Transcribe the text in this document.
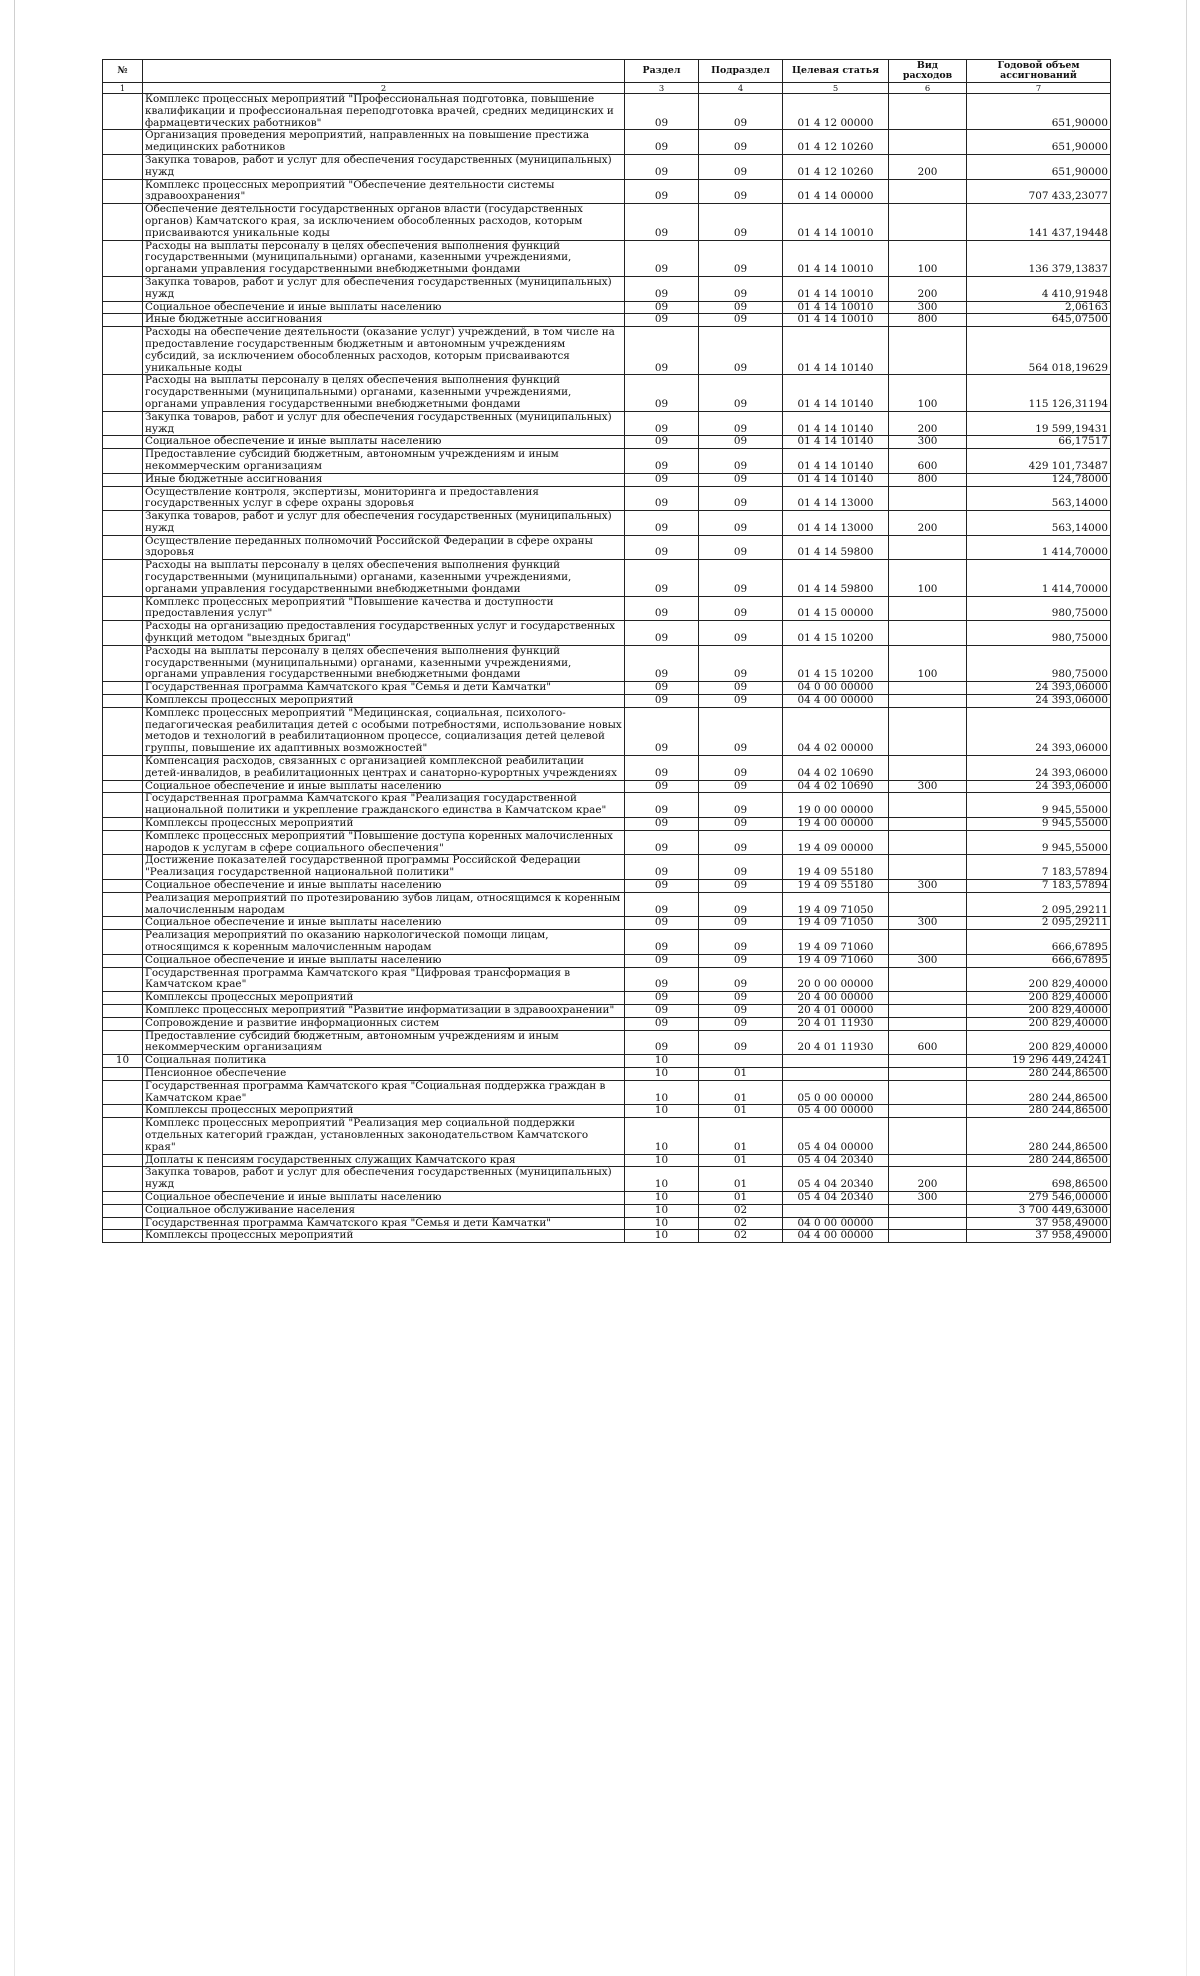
№		Раздел	Подраздел	Целевая статья	Вид расходов	Годовой объем ассигнований
1	2	3	4	5	6	7
	Комплекс процессных мероприятий "Профессиональная подготовка, повышение квалификации и профессиональная переподготовка врачей, средних медицинских и фармацевтических работников"	09	09	01 4 12 00000		651,90000
	Организация проведения мероприятий, направленных на повышение престижа медицинских работников	09	09	01 4 12 10260		651,90000
	Закупка товаров, работ и услуг для обеспечения государственных (муниципальных) нужд	09	09	01 4 12 10260	200	651,90000
	Комплекс процессных мероприятий "Обеспечение деятельности системы здравоохранения"	09	09	01 4 14 00000		707 433,23077
	Обеспечение деятельности государственных органов власти (государственных органов) Камчатского края, за исключением обособленных расходов, которым присваиваются уникальные коды	09	09	01 4 14 10010		141 437,19448
	Расходы на выплаты персоналу в целях обеспечения выполнения функций государственными (муниципальными) органами, казенными учреждениями, органами управления государственными внебюджетными фондами	09	09	01 4 14 10010	100	136 379,13837
	Закупка товаров, работ и услуг для обеспечения государственных (муниципальных) нужд	09	09	01 4 14 10010	200	4 410,91948
	Социальное обеспечение и иные выплаты населению	09	09	01 4 14 10010	300	2,06163
	Иные бюджетные ассигнования	09	09	01 4 14 10010	800	645,07500
	Расходы на обеспечение деятельности (оказание услуг) учреждений, в том числе на предоставление государственным бюджетным и автономным учреждениям субсидий, за исключением обособленных расходов, которым присваиваются уникальные коды	09	09	01 4 14 10140		564 018,19629
	Расходы на выплаты персоналу в целях обеспечения выполнения функций государственными (муниципальными) органами, казенными учреждениями, органами управления государственными внебюджетными фондами	09	09	01 4 14 10140	100	115 126,31194
	Закупка товаров, работ и услуг для обеспечения государственных (муниципальных) нужд	09	09	01 4 14 10140	200	19 599,19431
	Социальное обеспечение и иные выплаты населению	09	09	01 4 14 10140	300	66,17517
	Предоставление субсидий бюджетным, автономным учреждениям и иным некоммерческим организациям	09	09	01 4 14 10140	600	429 101,73487
	Иные бюджетные ассигнования	09	09	01 4 14 10140	800	124,78000
	Осуществление контроля, экспертизы, мониторинга и предоставления государственных услуг в сфере охраны здоровья	09	09	01 4 14 13000		563,14000
	Закупка товаров, работ и услуг для обеспечения государственных (муниципальных) нужд	09	09	01 4 14 13000	200	563,14000
	Осуществление переданных полномочий Российской Федерации в сфере охраны здоровья	09	09	01 4 14 59800		1 414,70000
	Расходы на выплаты персоналу в целях обеспечения выполнения функций государственными (муниципальными) органами, казенными учреждениями, органами управления государственными внебюджетными фондами	09	09	01 4 14 59800	100	1 414,70000
	Комплекс процессных мероприятий "Повышение качества и доступности предоставления услуг"	09	09	01 4 15 00000		980,75000
	Расходы на организацию предоставления государственных услуг и государственных функций методом "выездных бригад"	09	09	01 4 15 10200		980,75000
	Расходы на выплаты персоналу в целях обеспечения выполнения функций государственными (муниципальными) органами, казенными учреждениями, органами управления государственными внебюджетными фондами	09	09	01 4 15 10200	100	980,75000
	Государственная программа Камчатского края "Семья и дети Камчатки"	09	09	04 0 00 00000		24 393,06000
	Комплексы процессных мероприятий	09	09	04 4 00 00000		24 393,06000
	Комплекс процессных мероприятий "Медицинская, социальная, психолого-педагогическая реабилитация детей с особыми потребностями, использование новых методов и технологий в реабилитационном процессе, социализация детей целевой группы, повышение их адаптивных возможностей"	09	09	04 4 02 00000		24 393,06000
	Компенсация расходов, связанных с организацией комплексной реабилитации детей-инвалидов, в реабилитационных центрах и санаторно-курортных учреждениях	09	09	04 4 02 10690		24 393,06000
	Социальное обеспечение и иные выплаты населению	09	09	04 4 02 10690	300	24 393,06000
	Государственная программа Камчатского края "Реализация государственной национальной политики и укрепление гражданского единства в Камчатском крае"	09	09	19 0 00 00000		9 945,55000
	Комплексы процессных мероприятий	09	09	19 4 00 00000		9 945,55000
	Комплекс процессных мероприятий "Повышение доступа коренных малочисленных народов к услугам в сфере социального обеспечения"	09	09	19 4 09 00000		9 945,55000
	Достижение показателей государственной программы Российской Федерации "Реализация государственной национальной политики"	09	09	19 4 09 55180		7 183,57894
	Социальное обеспечение и иные выплаты населению	09	09	19 4 09 55180	300	7 183,57894
	Реализация мероприятий по протезированию зубов лицам, относящимся к коренным малочисленным народам	09	09	19 4 09 71050		2 095,29211
	Социальное обеспечение и иные выплаты населению	09	09	19 4 09 71050	300	2 095,29211
	Реализация мероприятий по оказанию наркологической помощи лицам, относящимся к коренным малочисленным народам	09	09	19 4 09 71060		666,67895
	Социальное обеспечение и иные выплаты населению	09	09	19 4 09 71060	300	666,67895
	Государственная программа Камчатского края "Цифровая трансформация в Камчатском крае"	09	09	20 0 00 00000		200 829,40000
	Комплексы процессных мероприятий	09	09	20 4 00 00000		200 829,40000
	Комплекс процессных мероприятий "Развитие информатизации в здравоохранении"	09	09	20 4 01 00000		200 829,40000
	Сопровождение и развитие информационных систем	09	09	20 4 01 11930		200 829,40000
	Предоставление субсидий бюджетным, автономным учреждениям и иным некоммерческим организациям	09	09	20 4 01 11930	600	200 829,40000
10	Социальная политика	10				19 296 449,24241
	Пенсионное обеспечение	10	01			280 244,86500
	Государственная программа Камчатского края "Социальная поддержка граждан в Камчатском крае"	10	01	05 0 00 00000		280 244,86500
	Комплексы процессных мероприятий	10	01	05 4 00 00000		280 244,86500
	Комплекс процессных мероприятий "Реализация мер социальной поддержки отдельных категорий граждан, установленных законодательством Камчатского края"	10	01	05 4 04 00000		280 244,86500
	Доплаты к пенсиям государственных служащих Камчатского края	10	01	05 4 04 20340		280 244,86500
	Закупка товаров, работ и услуг для обеспечения государственных (муниципальных) нужд	10	01	05 4 04 20340	200	698,86500
	Социальное обеспечение и иные выплаты населению	10	01	05 4 04 20340	300	279 546,00000
	Социальное обслуживание населения	10	02			3 700 449,63000
	Государственная программа Камчатского края "Семья и дети Камчатки"	10	02	04 0 00 00000		37 958,49000
	Комплексы процессных мероприятий	10	02	04 4 00 00000		37 958,49000
